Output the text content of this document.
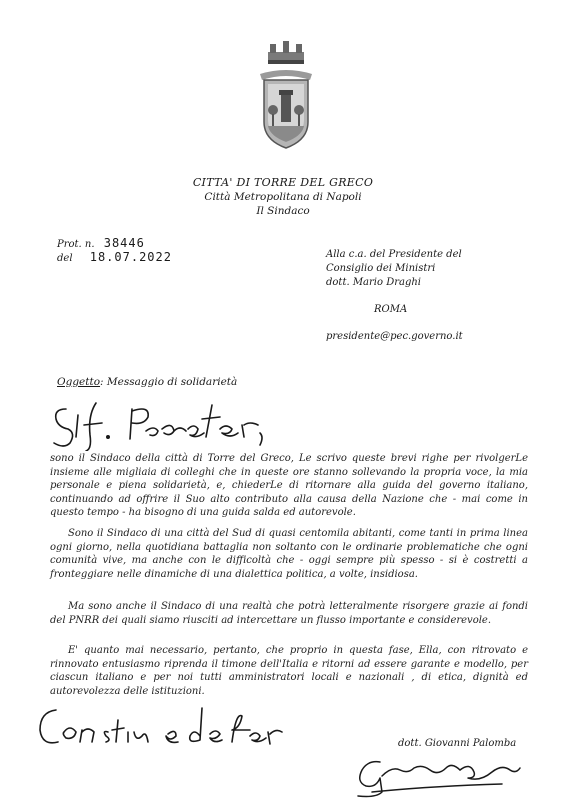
CITTA' DI TORRE DEL GRECO
Città Metropolitana di Napoli
Il Sindaco
Prot. n. 38446
del 18.07.2022	Alla c.a. del Presidente del
Consiglio dei Ministri
dott. Mario Draghi
ROMA
presidente@pec.governo.it
Oggetto: Messaggio di solidarietà

sono il Sindaco della città di Torre del Greco, Le scrivo queste brevi righe per rivolgerLe insieme alle migliaia di colleghi che in queste ore stanno sollevando la propria voce, la mia personale e piena solidarietà, e, chiederLe di ritornare alla guida del governo italiano, continuando ad offrire il Suo alto contributo alla causa della Nazione che - mai come in questo tempo - ha bisogno di una guida salda ed autorevole.

Sono il Sindaco di una città del Sud di quasi centomila abitanti, come tanti in prima linea ogni giorno, nella quotidiana battaglia non soltanto con le ordinarie problematiche che ogni comunità vive, ma anche con le difficoltà che - oggi sempre più spesso - si è costretti a fronteggiare nelle dinamiche di una dialettica politica, a volte, insidiosa.

Ma sono anche il Sindaco di una realtà che potrà letteralmente risorgere grazie ai fondi del PNRR dei quali siamo riusciti ad intercettare un flusso importante e considerevole.

E' quanto mai necessario, pertanto, che proprio in questa fase, Ella, con ritrovato e rinnovato entusiasmo riprenda il timone dell'Italia e ritorni ad essere garante e modello, per ciascun italiano e per noi tutti amministratori locali e nazionali , di etica, dignità ed autorevolezza delle istituzioni.

dott. Giovanni Palomba
